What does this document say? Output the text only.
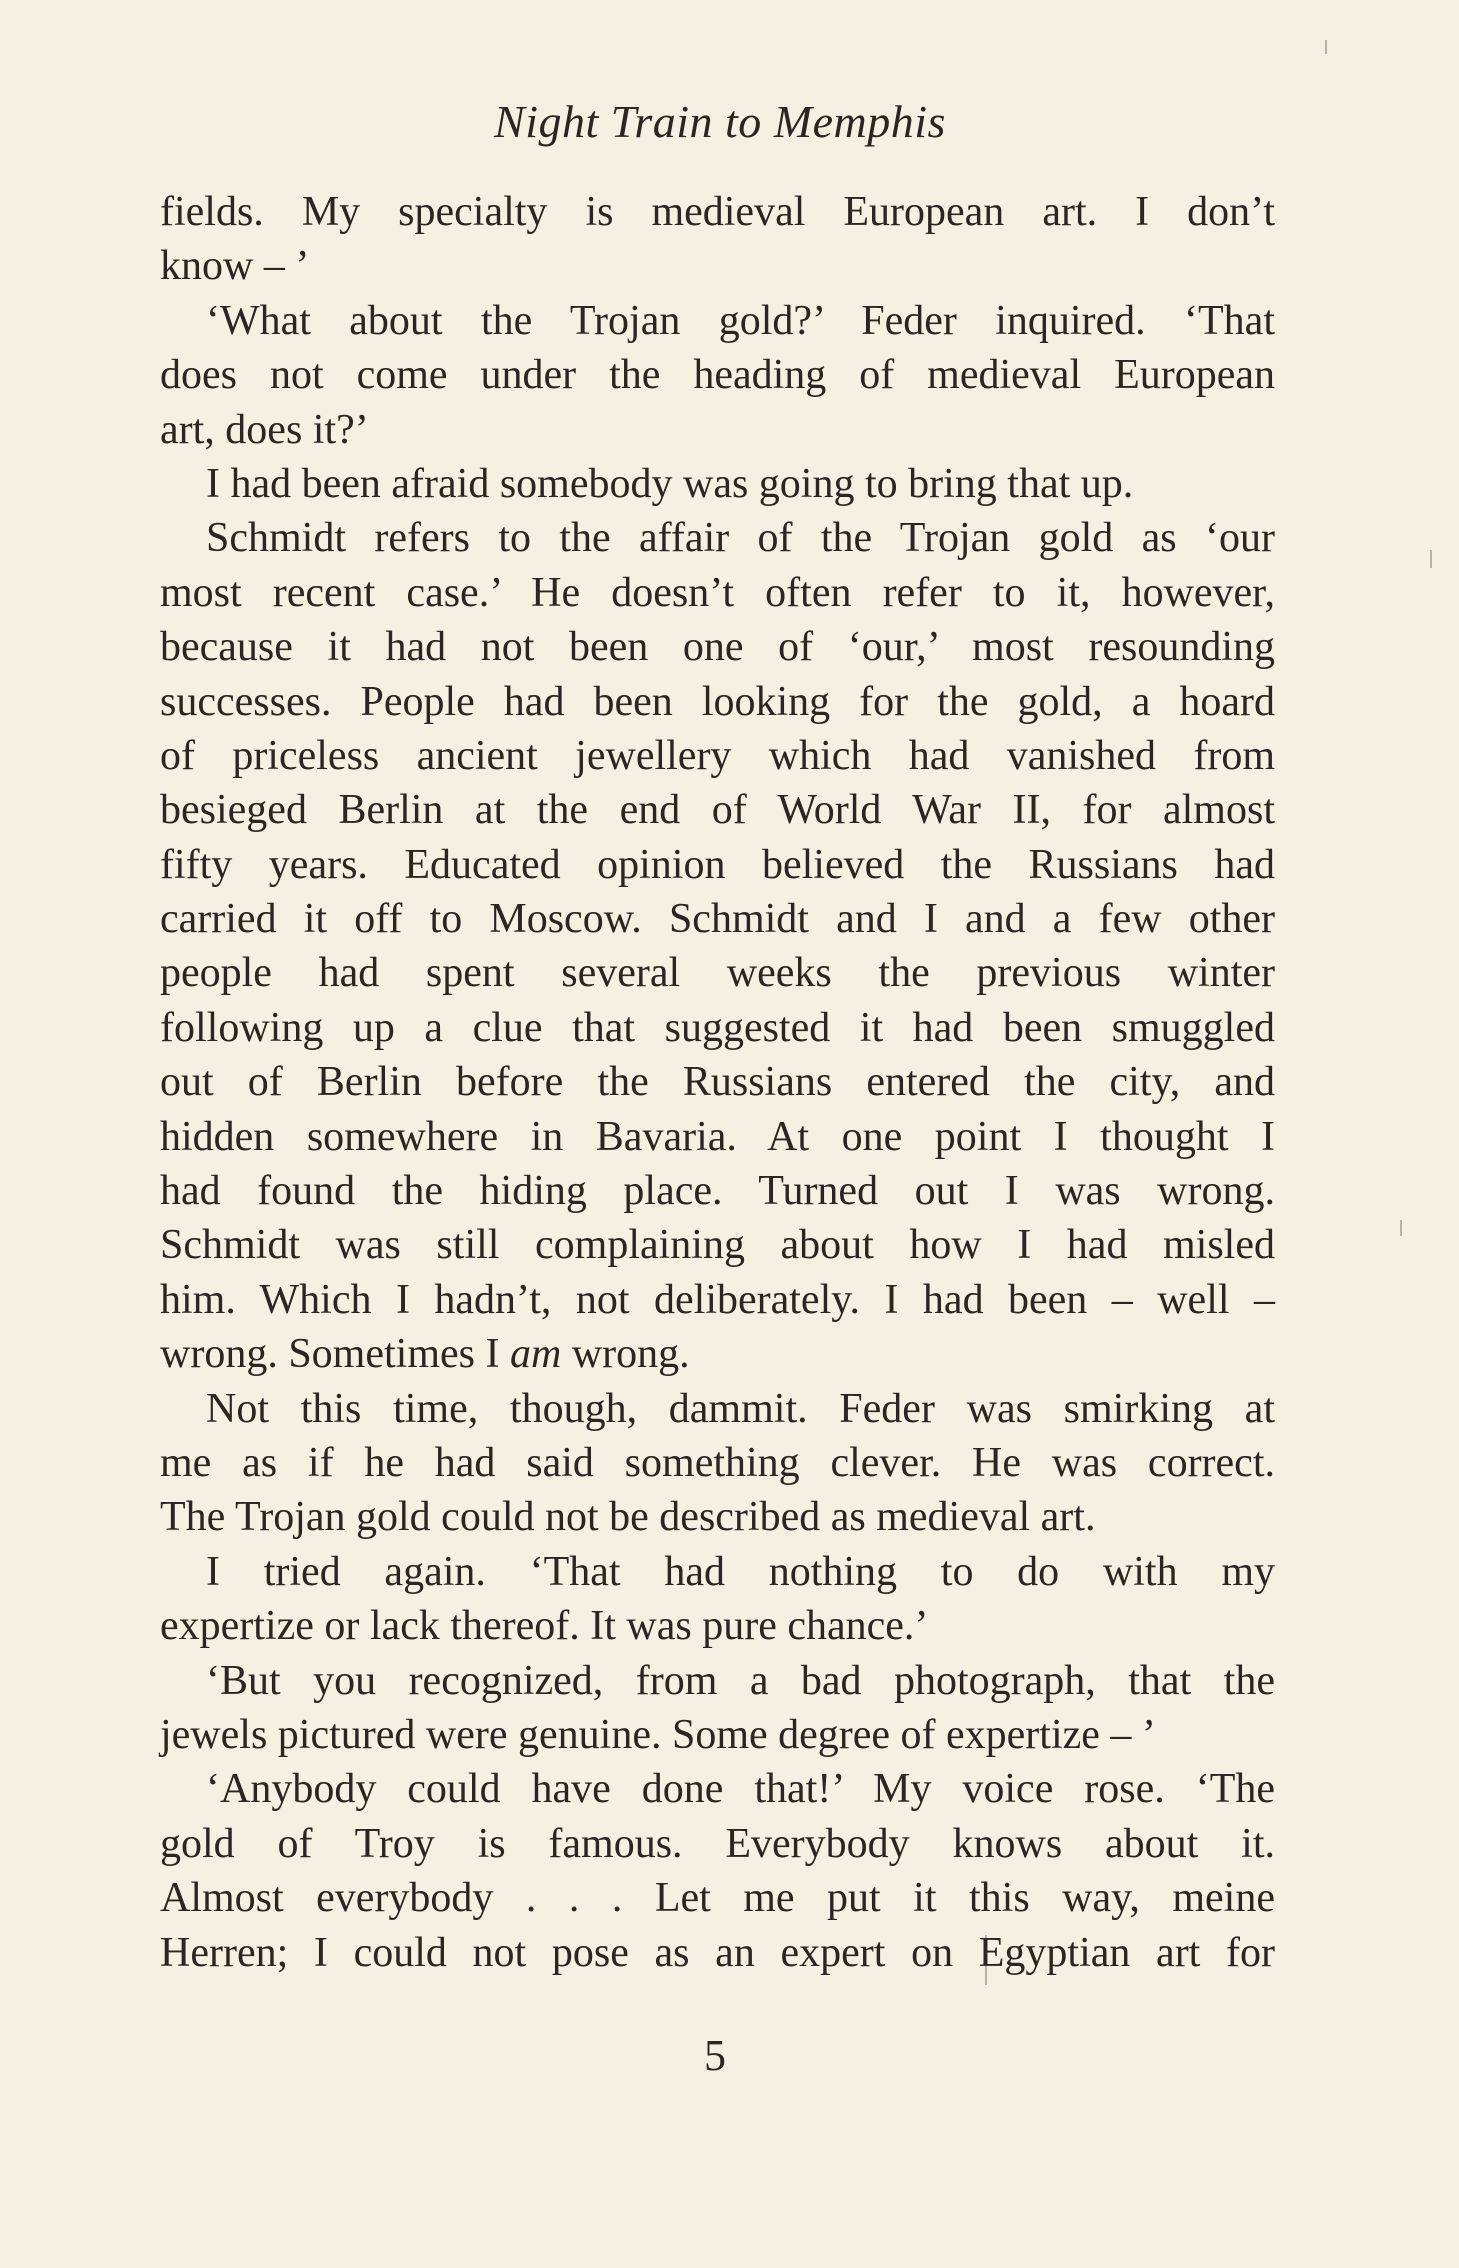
Night Train to Memphis
fields. My specialty is medieval European art. I don’t
know – ’
‘What about the Trojan gold?’ Feder inquired. ‘That
does not come under the heading of medieval European
art, does it?’
I had been afraid somebody was going to bring that up.
Schmidt refers to the affair of the Trojan gold as ‘our
most recent case.’ He doesn’t often refer to it, however,
because it had not been one of ‘our,’ most resounding
successes. People had been looking for the gold, a hoard
of priceless ancient jewellery which had vanished from
besieged Berlin at the end of World War II, for almost
fifty years. Educated opinion believed the Russians had
carried it off to Moscow. Schmidt and I and a few other
people had spent several weeks the previous winter
following up a clue that suggested it had been smuggled
out of Berlin before the Russians entered the city, and
hidden somewhere in Bavaria. At one point I thought I
had found the hiding place. Turned out I was wrong.
Schmidt was still complaining about how I had misled
him. Which I hadn’t, not deliberately. I had been – well –
wrong. Sometimes I am wrong.
Not this time, though, dammit. Feder was smirking at
me as if he had said something clever. He was correct.
The Trojan gold could not be described as medieval art.
I tried again. ‘That had nothing to do with my
expertize or lack thereof. It was pure chance.’
‘But you recognized, from a bad photograph, that the
jewels pictured were genuine. Some degree of expertize – ’
‘Anybody could have done that!’ My voice rose. ‘The
gold of Troy is famous. Everybody knows about it.
Almost everybody . . . Let me put it this way, meine
Herren; I could not pose as an expert on Egyptian art for
5
